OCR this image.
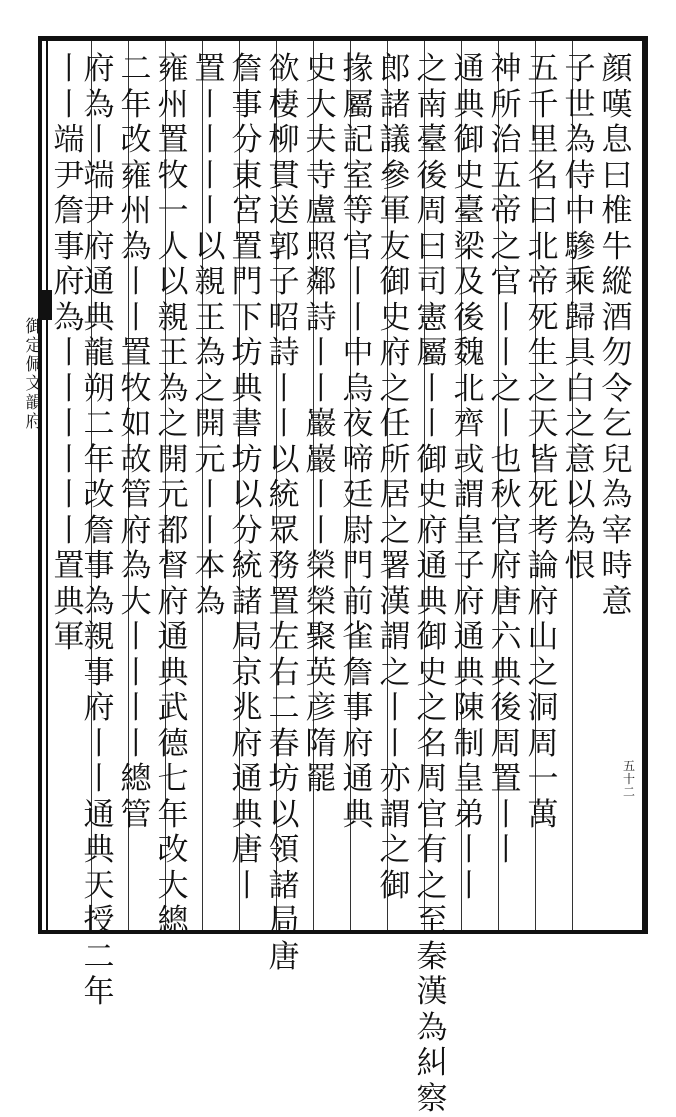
御定佩文韻府
五十二
顔嘆息曰椎牛縱酒勿令乞兒為宰時意
子世為侍中驂乘歸具白之意以為恨
五千里名曰北帝死生之天皆死考論府山之洞周一萬
神所治五帝之官丨丨之丨也秋官府唐六典後周置丨丨
通典御史臺梁及後魏北齊或謂皇子府通典陳制皇弟丨丨
之南臺後周曰司憲屬丨丨御史府通典御史之名周官有之至秦漢為糾察
郎諸議參軍友御史府之任所居之署漢謂之丨丨亦謂之御
掾屬記室等官丨丨中烏夜啼廷尉門前雀詹事府通典
史大夫寺盧照鄰詩丨丨巖巖丨丨榮榮聚英彦隋罷
欲棲柳貫送郭子昭詩丨丨以統眾務置左右二春坊以領諸局唐
詹事分東宮置門下坊典書坊以分統諸局京兆府通典唐丨
置丨丨丨丨以親王為之開元丨丨本為
雍州置牧一人以親王為之開元都督府通典武德七年改大總
二年改雍州為丨丨置牧如故管府為大丨丨丨丨總管
府為丨端尹府通典龍朔二年改詹事為親事府丨丨通典天授二年
丨丨端尹詹事府為丨丨丨丨丨丨置典軍
